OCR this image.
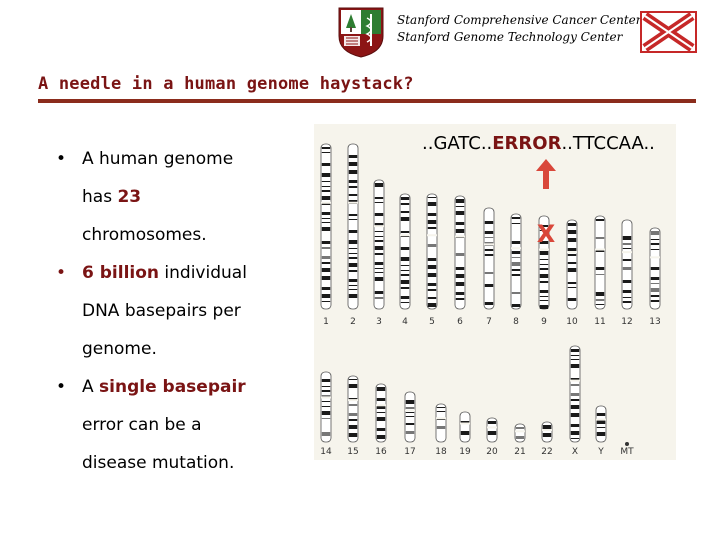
Stanford Comprehensive Cancer Center
Stanford Genome Technology Center
A needle in a human genome haystack?
• A human genome
has 23
chromosomes.
• 6 billion individual
DNA basepairs per
genome.
• A single basepair
error can be a
disease mutation.
1 2 3 4 5 6	7 8 9 10 11 12 13
14 15 16 17 18 19 20 21 22 X Y MT
X
..GATC..ERROR..TTCCAA..
